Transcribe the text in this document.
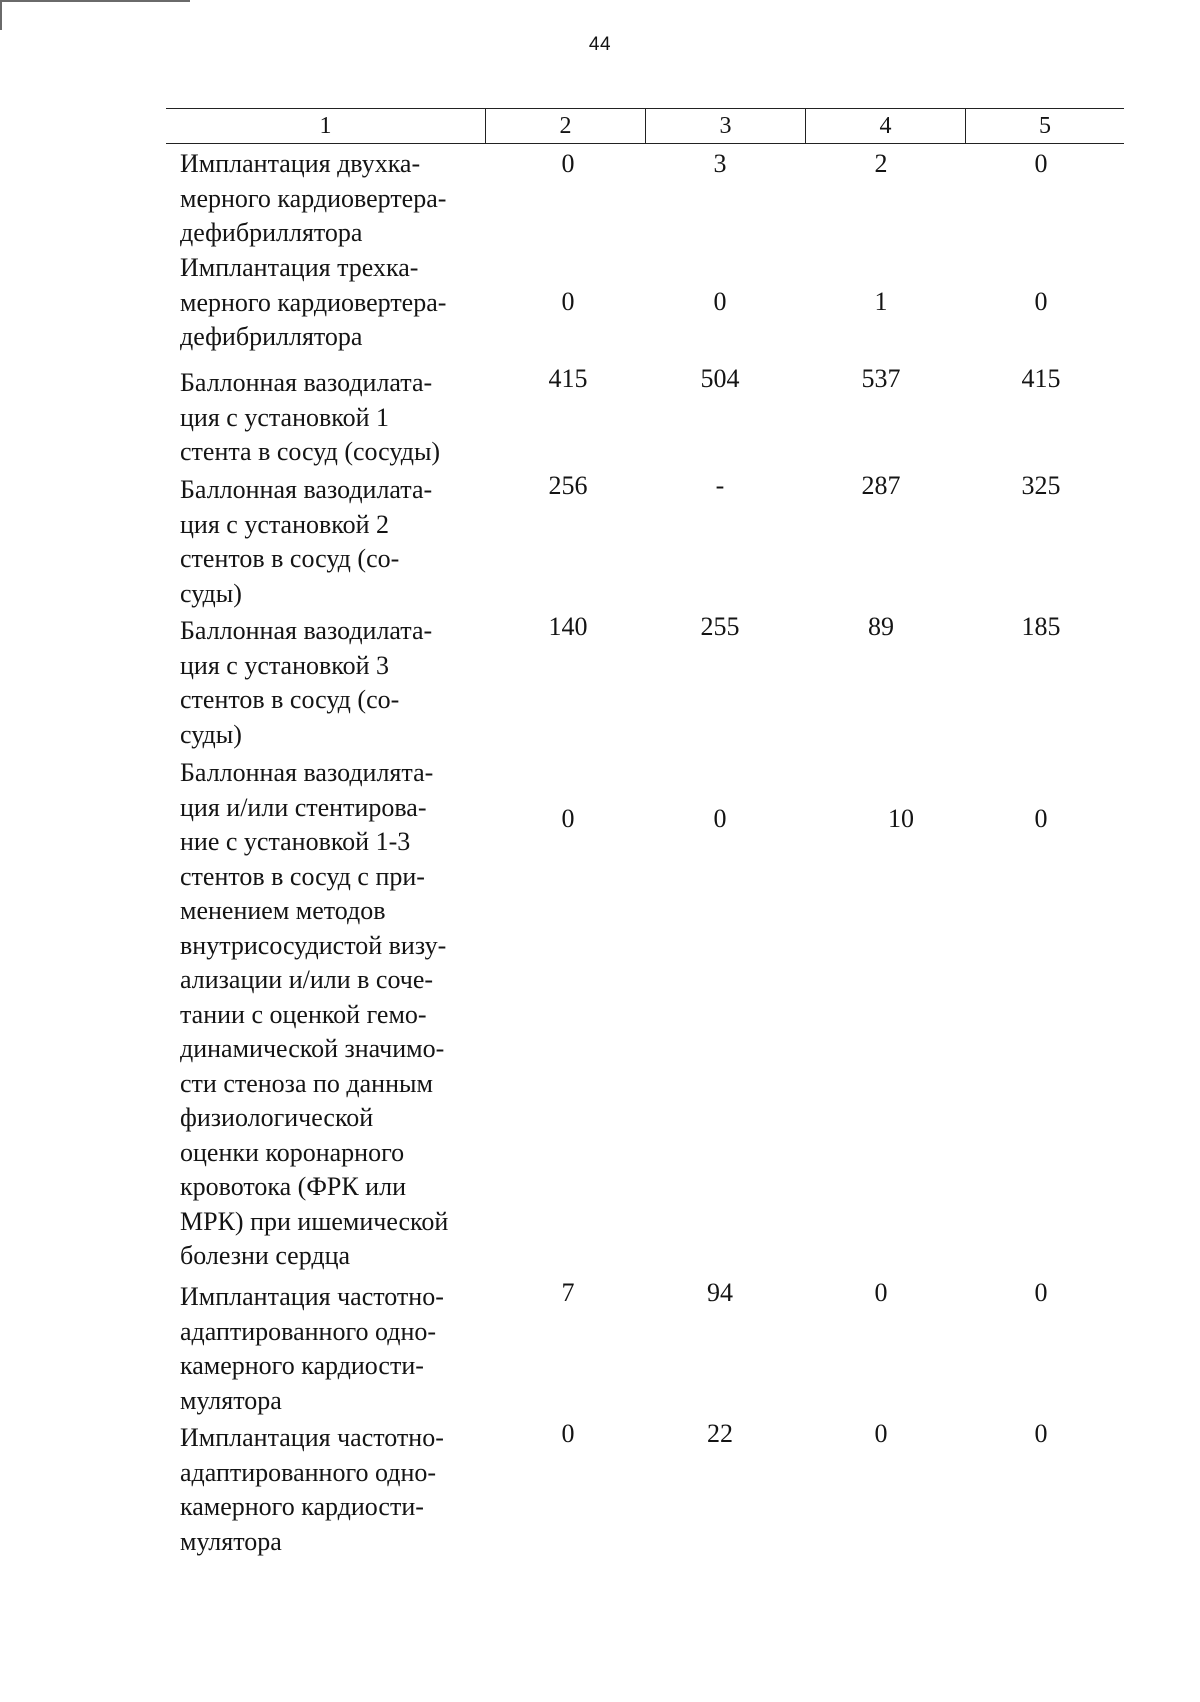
44
1	2	3	4	5
Имплантация двухка-
мерного кардиовертера-
дефибриллятора
0	3	2	0
Имплантация трехка-
мерного кардиовертера-
дефибриллятора
0	0	1	0
Баллонная вазодилата-
ция с установкой 1
стента в сосуд (сосуды)
415	504	537	415
Баллонная вазодилата-
ция с установкой 2
стентов в сосуд (со-
суды)
256	-	287	325
Баллонная вазодилата-
ция с установкой 3
стентов в сосуд (со-
суды)
140	255	89	185
Баллонная вазодилята-
ция и/или стентирова-
ние с установкой 1-3
стентов в сосуд с при-
менением методов
внутрисосудистой визу-
ализации и/или в соче-
тании с оценкой гемо-
динамической значимо-
сти стеноза по данным
физиологической
оценки коронарного
кровотока (ФРК или
МРК) при ишемической
болезни сердца
0	0	10	0
Имплантация частотно-
адаптированного одно-
камерного кардиости-
мулятора
7	94	0	0
Имплантация частотно-
адаптированного одно-
камерного кардиости-
мулятора
0	22	0	0
